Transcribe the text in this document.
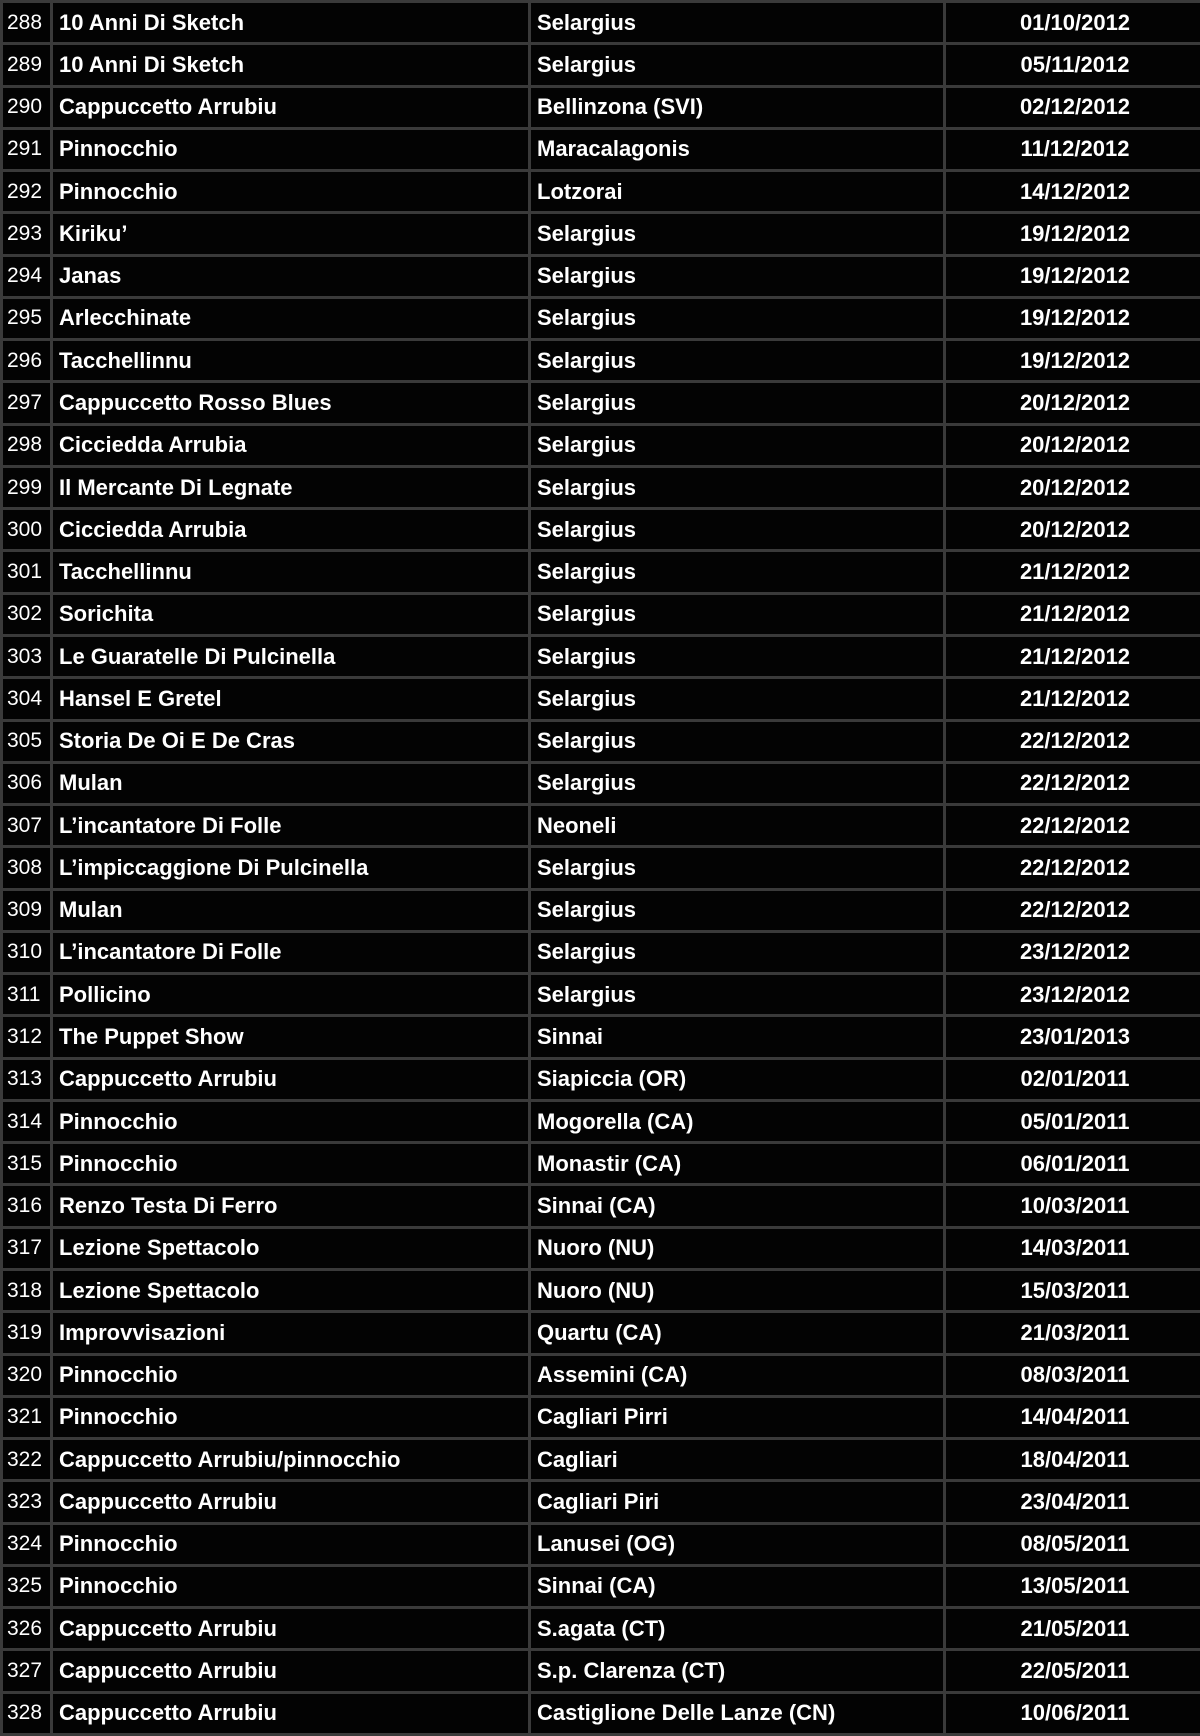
288	10 Anni Di Sketch	Selargius	01/10/2012
289	10 Anni Di Sketch	Selargius	05/11/2012
290	Cappuccetto Arrubiu	Bellinzona (SVI)	02/12/2012
291	Pinnocchio	Maracalagonis	11/12/2012
292	Pinnocchio	Lotzorai	14/12/2012
293	Kiriku’	Selargius	19/12/2012
294	Janas	Selargius	19/12/2012
295	Arlecchinate	Selargius	19/12/2012
296	Tacchellinnu	Selargius	19/12/2012
297	Cappuccetto Rosso Blues	Selargius	20/12/2012
298	Cicciedda Arrubia	Selargius	20/12/2012
299	Il Mercante Di Legnate	Selargius	20/12/2012
300	Cicciedda Arrubia	Selargius	20/12/2012
301	Tacchellinnu	Selargius	21/12/2012
302	Sorichita	Selargius	21/12/2012
303	Le Guaratelle Di Pulcinella	Selargius	21/12/2012
304	Hansel E Gretel	Selargius	21/12/2012
305	Storia De Oi E De Cras	Selargius	22/12/2012
306	Mulan	Selargius	22/12/2012
307	L’incantatore Di Folle	Neoneli	22/12/2012
308	L’impiccaggione Di Pulcinella	Selargius	22/12/2012
309	Mulan	Selargius	22/12/2012
310	L’incantatore Di Folle	Selargius	23/12/2012
311	Pollicino	Selargius	23/12/2012
312	The Puppet Show	Sinnai	23/01/2013
313	Cappuccetto Arrubiu	Siapiccia (OR)	02/01/2011
314	Pinnocchio	Mogorella (CA)	05/01/2011
315	Pinnocchio	Monastir (CA)	06/01/2011
316	Renzo Testa Di Ferro	Sinnai (CA)	10/03/2011
317	Lezione Spettacolo	Nuoro (NU)	14/03/2011
318	Lezione Spettacolo	Nuoro (NU)	15/03/2011
319	Improvvisazioni	Quartu (CA)	21/03/2011
320	Pinnocchio	Assemini (CA)	08/03/2011
321	Pinnocchio	Cagliari Pirri	14/04/2011
322	Cappuccetto Arrubiu/pinnocchio	Cagliari	18/04/2011
323	Cappuccetto Arrubiu	Cagliari Piri	23/04/2011
324	Pinnocchio	Lanusei (OG)	08/05/2011
325	Pinnocchio	Sinnai (CA)	13/05/2011
326	Cappuccetto Arrubiu	S.agata (CT)	21/05/2011
327	Cappuccetto Arrubiu	S.p. Clarenza (CT)	22/05/2011
328	Cappuccetto Arrubiu	Castiglione Delle Lanze (CN)	10/06/2011
